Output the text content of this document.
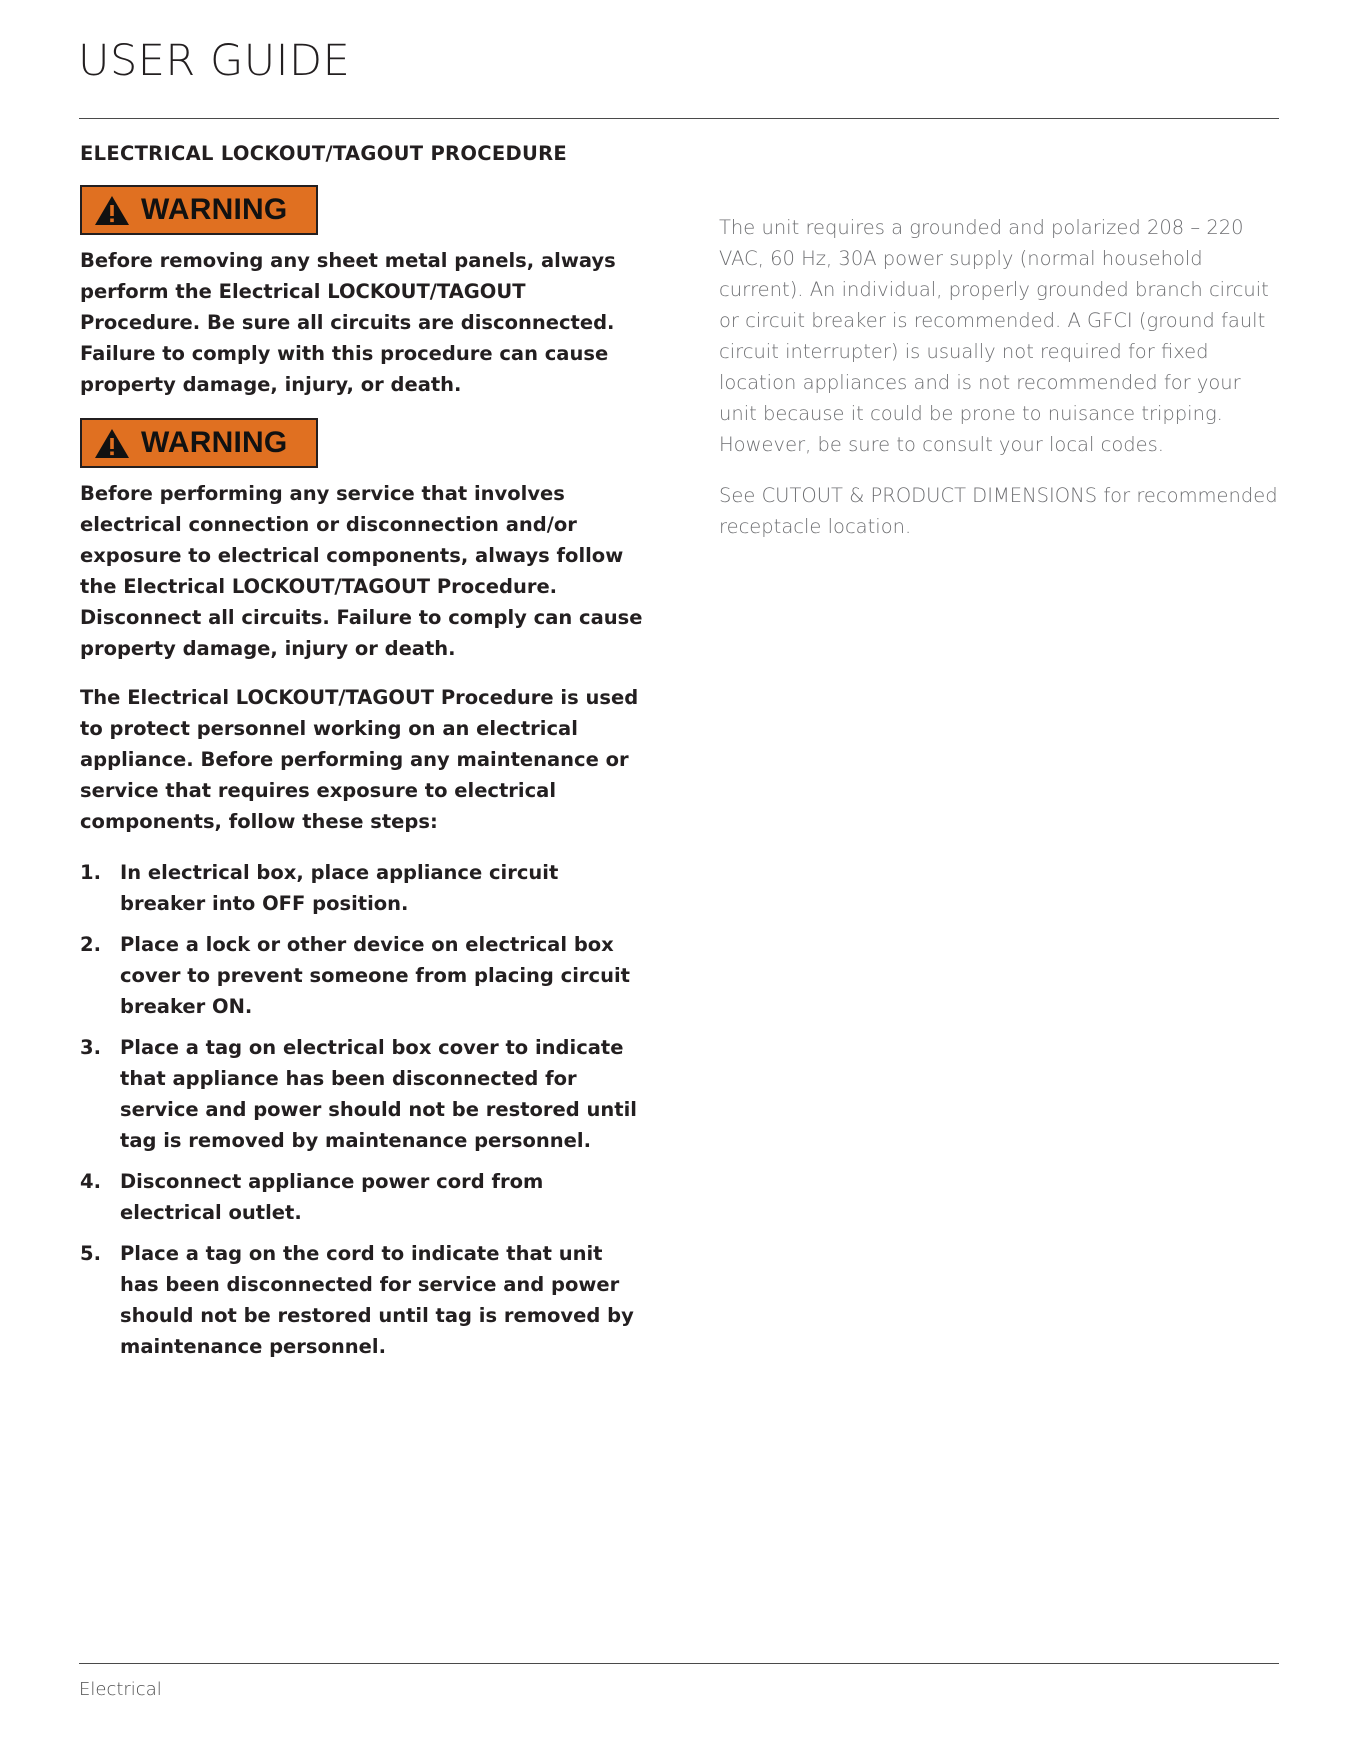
USER GUIDE
ELECTRICAL LOCKOUT/TAGOUT PROCEDURE
WARNING

Before removing any sheet metal panels, always perform the Electrical LOCKOUT/TAGOUT Procedure. Be sure all circuits are disconnected. Failure to comply with this procedure can cause property damage, injury, or death.

WARNING

Before performing any service that involves electrical connection or disconnection and/or exposure to electrical components, always follow the Electrical LOCKOUT/TAGOUT Procedure. Disconnect all circuits. Failure to comply can cause property damage, injury or death.

The Electrical LOCKOUT/TAGOUT Procedure is used to protect personnel working on an electrical appliance. Before performing any maintenance or service that requires exposure to electrical components, follow these steps:

1. In electrical box, place appliance circuit breaker into OFF position.
2. Place a lock or other device on electrical box cover to prevent someone from placing circuit breaker ON.
3. Place a tag on electrical box cover to indicate that appliance has been disconnected for service and power should not be restored until tag is removed by maintenance personnel.
4. Disconnect appliance power cord from electrical outlet.
5. Place a tag on the cord to indicate that unit has been disconnected for service and power should not be restored until tag is removed by maintenance personnel.

The unit requires a grounded and polarized 208 – 220 VAC, 60 Hz, 30A power supply (normal household current). An individual, properly grounded branch circuit or circuit breaker is recommended. A GFCI (ground fault circuit interrupter) is usually not required for fixed location appliances and is not recommended for your unit because it could be prone to nuisance tripping. However, be sure to consult your local codes.

See CUTOUT & PRODUCT DIMENSIONS for recommended receptacle location.

Electrical
